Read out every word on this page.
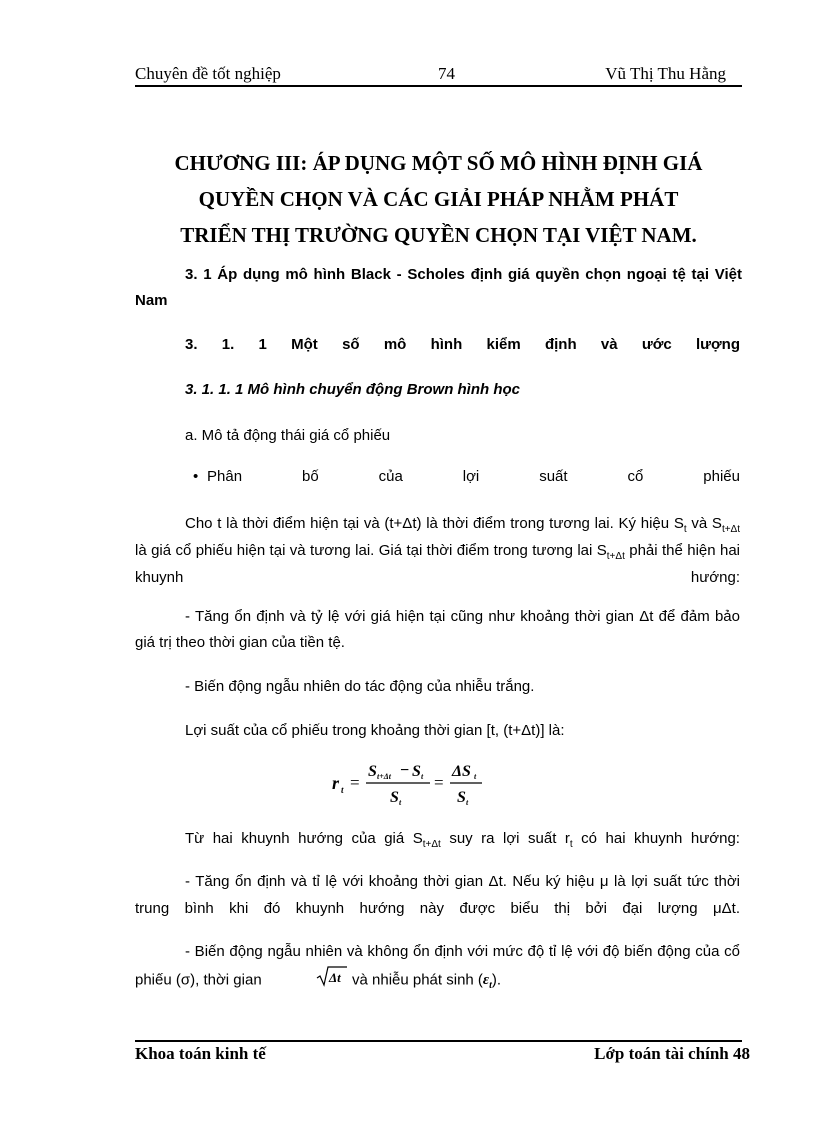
Chuyên đề tốt nghiệp	74	Vũ Thị Thu Hằng
CHƯƠNG III: ÁP DỤNG MỘT SỐ MÔ HÌNH ĐỊNH GIÁ
QUYỀN CHỌN VÀ CÁC GIẢI PHÁP NHẰM PHÁT
TRIỂN THỊ TRƯỜNG QUYỀN CHỌN TẠI VIỆT NAM.
3. 1 Áp dụng mô hình Black - Scholes định giá quyền chọn ngoại tệ tại Việt Nam
3. 1. 1 Một số mô hình kiểm định và ước lượng
3. 1. 1. 1 Mô hình chuyển động Brown hình học
a. Mô tả động thái giá cổ phiếu
• Phân bố của lợi suất cổ phiếu
Cho t là thời điểm hiện tại và (t+Δt) là thời điểm trong tương lai. Ký hiệu $S_t$ và $S_{t+\Delta t}$ là giá cổ phiếu hiện tại và tương lai. Giá tại thời điểm trong tương lai $S_{t+\Delta t}$ phải thể hiện hai khuynh hướng:
- Tăng ổn định và tỷ lệ với giá hiện tại cũng như khoảng thời gian Δt để đảm bảo giá trị theo thời gian của tiền tệ.
- Biến động ngẫu nhiên do tác động của nhiễu trắng.
Lợi suất của cổ phiếu trong khoảng thời gian [t, (t+Δt)] là:
r t =
S t+Δt − S t
S t
=
ΔS t
S t
Từ hai khuynh hướng của giá $S_{t+\Delta t}$ suy ra lợi suất $r_t$ có hai khuynh hướng:
- Tăng ổn định và tỉ lệ với khoảng thời gian Δt. Nếu ký hiệu μ là lợi suất tức thời trung bình khi đó khuynh hướng này được biểu thị bởi đại lượng μΔt.
- Biến động ngẫu nhiên và không ổn định với mức độ tỉ lệ với độ biến động của cổ phiếu (σ), thời gian	Δt và nhiễu phát $\sinh (\varepsilon_t)$.
Khoa toán kinh tế	Lớp toán tài chính 48
